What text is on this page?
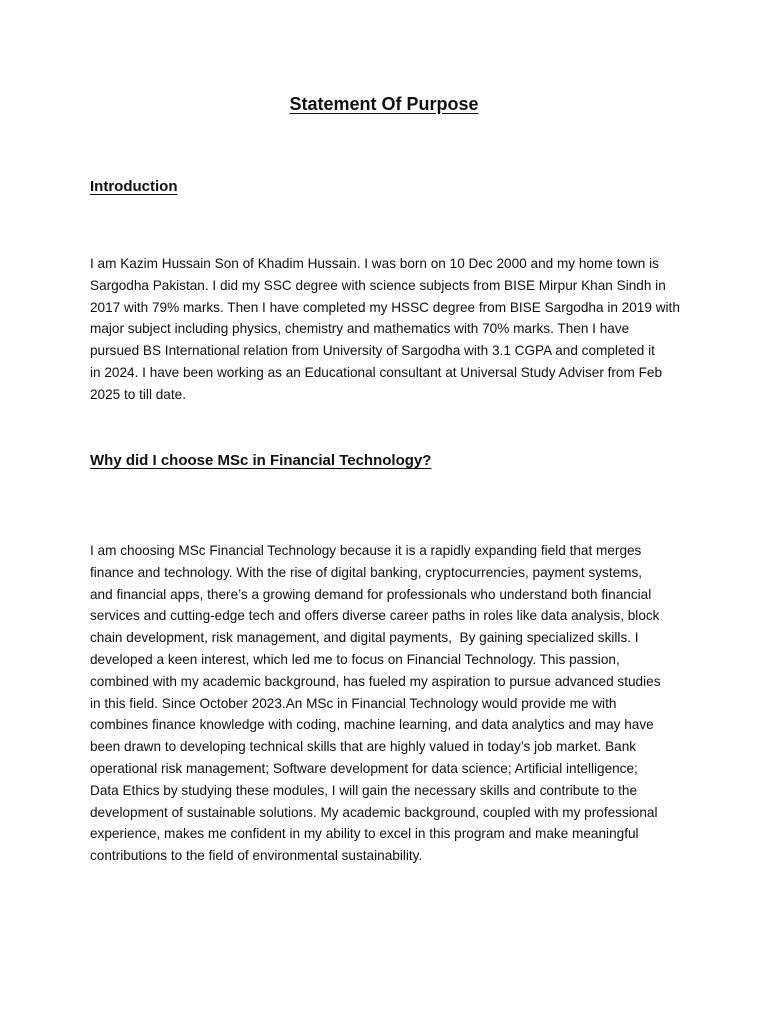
Statement Of Purpose
Introduction
I am Kazim Hussain Son of Khadim Hussain. I was born on 10 Dec 2000 and my home town is
Sargodha Pakistan. I did my SSC degree with science subjects from BISE Mirpur Khan Sindh in
2017 with 79% marks. Then I have completed my HSSC degree from BISE Sargodha in 2019 with
major subject including physics, chemistry and mathematics with 70% marks. Then I have
pursued BS International relation from University of Sargodha with 3.1 CGPA and completed it
in 2024. I have been working as an Educational consultant at Universal Study Adviser from Feb
2025 to till date.
Why did I choose MSc in Financial Technology?
I am choosing MSc Financial Technology because it is a rapidly expanding field that merges
finance and technology. With the rise of digital banking, cryptocurrencies, payment systems,
and financial apps, there’s a growing demand for professionals who understand both financial
services and cutting-edge tech and offers diverse career paths in roles like data analysis, block
chain development, risk management, and digital payments,  By gaining specialized skills. I
developed a keen interest, which led me to focus on Financial Technology. This passion,
combined with my academic background, has fueled my aspiration to pursue advanced studies
in this field. Since October 2023.An MSc in Financial Technology would provide me with
combines finance knowledge with coding, machine learning, and data analytics and may have
been drawn to developing technical skills that are highly valued in today’s job market. Bank
operational risk management; Software development for data science; Artificial intelligence;
Data Ethics by studying these modules, I will gain the necessary skills and contribute to the
development of sustainable solutions. My academic background, coupled with my professional
experience, makes me confident in my ability to excel in this program and make meaningful
contributions to the field of environmental sustainability.
